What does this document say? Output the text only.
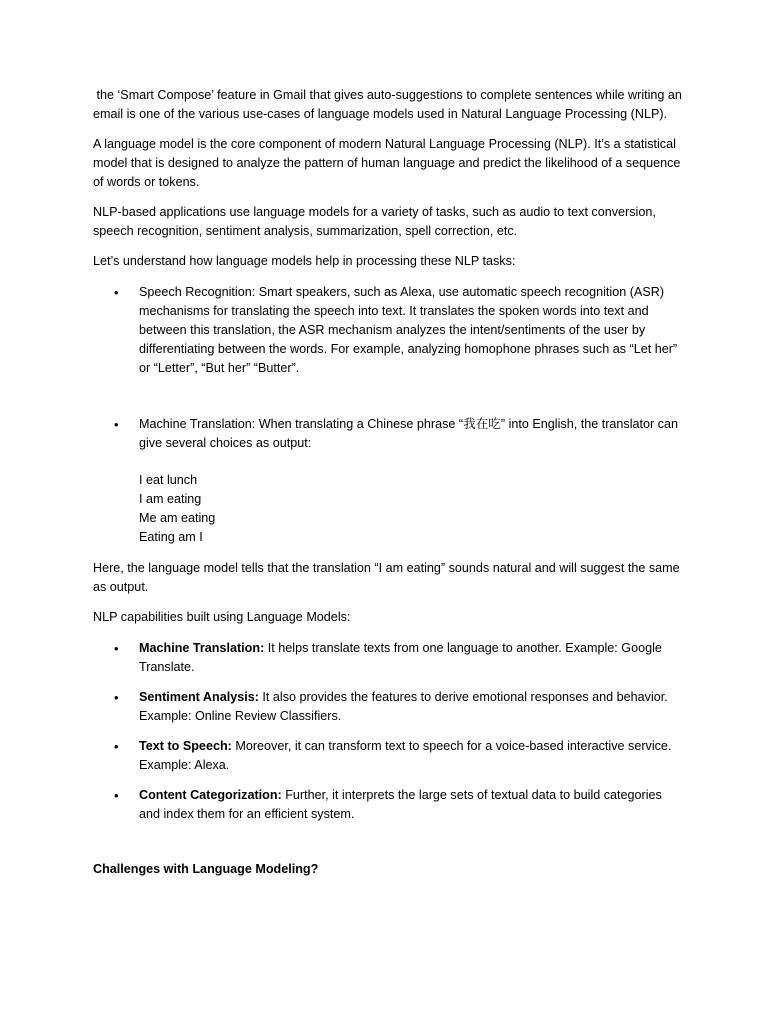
the ‘Smart Compose’ feature in Gmail that gives auto-suggestions to complete sentences while writing an email is one of the various use-cases of language models used in Natural Language Processing (NLP).

A language model is the core component of modern Natural Language Processing (NLP). It’s a statistical model that is designed to analyze the pattern of human language and predict the likelihood of a sequence of words or tokens.

NLP-based applications use language models for a variety of tasks, such as audio to text conversion, speech recognition, sentiment analysis, summarization, spell correction, etc.

Let’s understand how language models help in processing these NLP tasks:

• Speech Recognition: Smart speakers, such as Alexa, use automatic speech recognition (ASR) mechanisms for translating the speech into text. It translates the spoken words into text and between this translation, the ASR mechanism analyzes the intent/sentiments of the user by differentiating between the words. For example, analyzing homophone phrases such as “Let her” or “Letter”, “But her” “Butter”.
• Machine Translation: When translating a Chinese phrase “我在吃” into English, the translator can give several choices as output:
I eat lunch
I am eating
Me am eating
Eating am I

Here, the language model tells that the translation “I am eating” sounds natural and will suggest the same as output.

NLP capabilities built using Language Models:

• Machine Translation: It helps translate texts from one language to another. Example: Google Translate.
• Sentiment Analysis: It also provides the features to derive emotional responses and behavior. Example: Online Review Classifiers.
• Text to Speech: Moreover, it can transform text to speech for a voice-based interactive service. Example: Alexa.
• Content Categorization: Further, it interprets the large sets of textual data to build categories and index them for an efficient system.
Challenges with Language Modeling?
